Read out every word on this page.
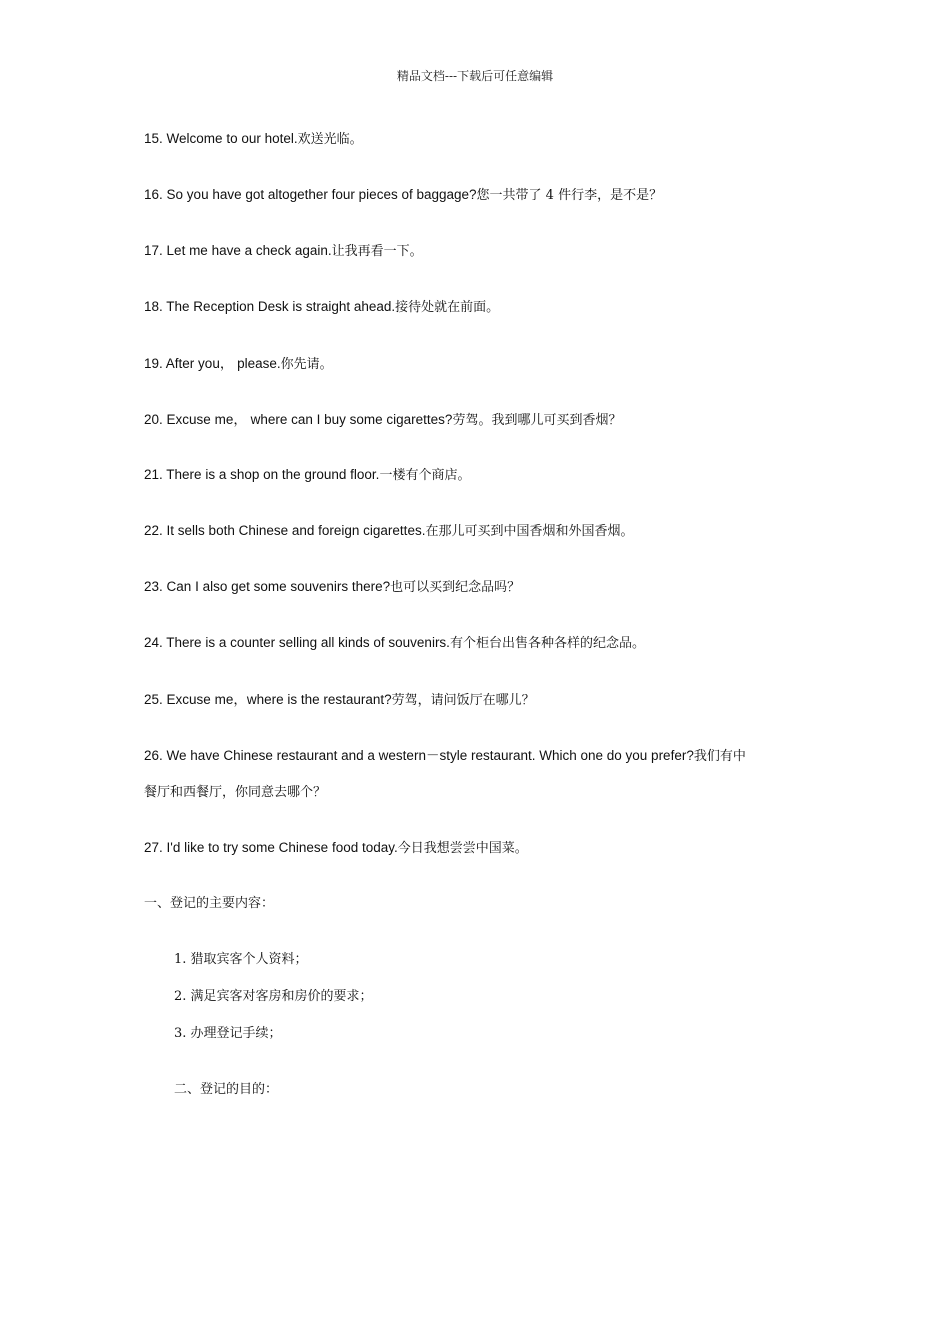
精品文档---下载后可任意编辑
15. Welcome to our hotel.欢送光临。
16. So you have got altogether four pieces of baggage?您一共带了 4 件行李，是不是？
17. Let me have a check again.让我再看一下。
18. The Reception Desk is straight ahead.接待处就在前面。
19. After you， please.你先请。
20. Excuse me， where can I buy some cigarettes?劳驾。我到哪儿可买到香烟？
21. There is a shop on the ground floor.一楼有个商店。
22. It sells both Chinese and foreign cigarettes.在那儿可买到中国香烟和外国香烟。
23. Can I also get some souvenirs there?也可以买到纪念品吗？
24. There is a counter selling all kinds of souvenirs.有个柜台出售各种各样的纪念品。
25. Excuse me，where is the restaurant?劳驾，请问饭厅在哪儿？
26. We have Chinese restaurant and a western－style restaurant. Which one do you prefer?我们有中
餐厅和西餐厅，你同意去哪个？
27. I'd like to try some Chinese food today.今日我想尝尝中国菜。
一、登记的主要内容：
1. 猎取宾客个人资料；
2. 满足宾客对客房和房价的要求；
3. 办理登记手续；
二、登记的目的：
